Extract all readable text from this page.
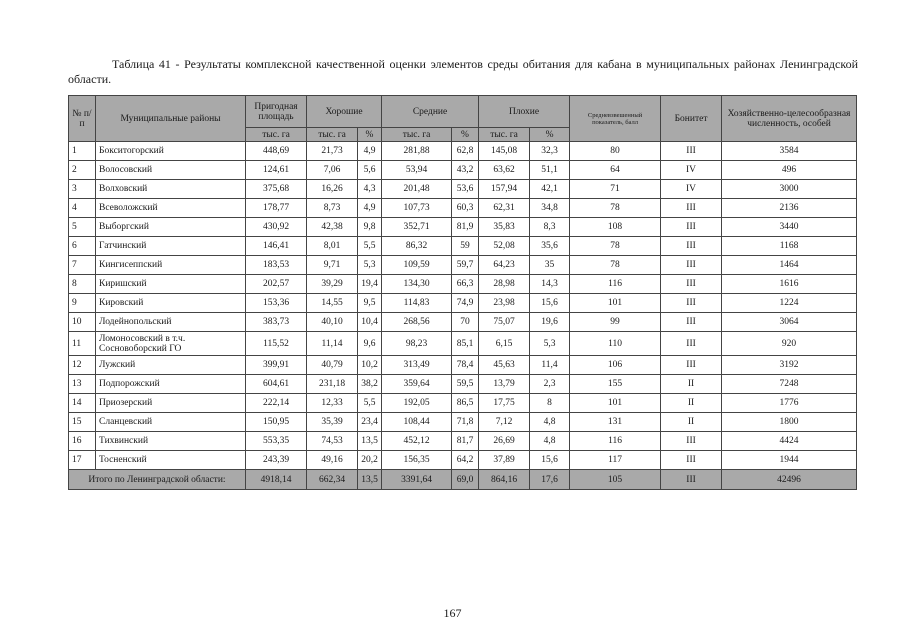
Таблица 41 - Результаты комплексной качественной оценки элементов среды обитания для кабана в муниципальных районах Ленинградской области.
№ п/п	Муниципальные районы	Пригодная площадь	Хорошие		Средние		Плохие		Средневзвешенный показатель, балл	Бонитет	Хозяйственно-целесообразная численность, особей
		тыс. га	тыс. га	%	тыс. га	%	тыс. га	%			
1	Бокситогорский	448,69	21,73	4,9	281,88	62,8	145,08	32,3	80	III	3584
2	Волосовский	124,61	7,06	5,6	53,94	43,2	63,62	51,1	64	IV	496
3	Волховский	375,68	16,26	4,3	201,48	53,6	157,94	42,1	71	IV	3000
4	Всеволожский	178,77	8,73	4,9	107,73	60,3	62,31	34,8	78	III	2136
5	Выборгский	430,92	42,38	9,8	352,71	81,9	35,83	8,3	108	III	3440
6	Гатчинский	146,41	8,01	5,5	86,32	59	52,08	35,6	78	III	1168
7	Кингисеппский	183,53	9,71	5,3	109,59	59,7	64,23	35	78	III	1464
8	Киришский	202,57	39,29	19,4	134,30	66,3	28,98	14,3	116	III	1616
9	Кировский	153,36	14,55	9,5	114,83	74,9	23,98	15,6	101	III	1224
10	Лодейнопольский	383,73	40,10	10,4	268,56	70	75,07	19,6	99	III	3064
11	Ломоносовский в т.ч. Сосновоборский ГО	115,52	11,14	9,6	98,23	85,1	6,15	5,3	110	III	920
12	Лужский	399,91	40,79	10,2	313,49	78,4	45,63	11,4	106	III	3192
13	Подпорожский	604,61	231,18	38,2	359,64	59,5	13,79	2,3	155	II	7248
14	Приозерский	222,14	12,33	5,5	192,05	86,5	17,75	8	101	II	1776
15	Сланцевский	150,95	35,39	23,4	108,44	71,8	7,12	4,8	131	II	1800
16	Тихвинский	553,35	74,53	13,5	452,12	81,7	26,69	4,8	116	III	4424
17	Тосненский	243,39	49,16	20,2	156,35	64,2	37,89	15,6	117	III	1944
Итого по Ленинградской области:		4918,14	662,34	13,5	3391,64	69,0	864,16	17,6	105	III	42496
167
